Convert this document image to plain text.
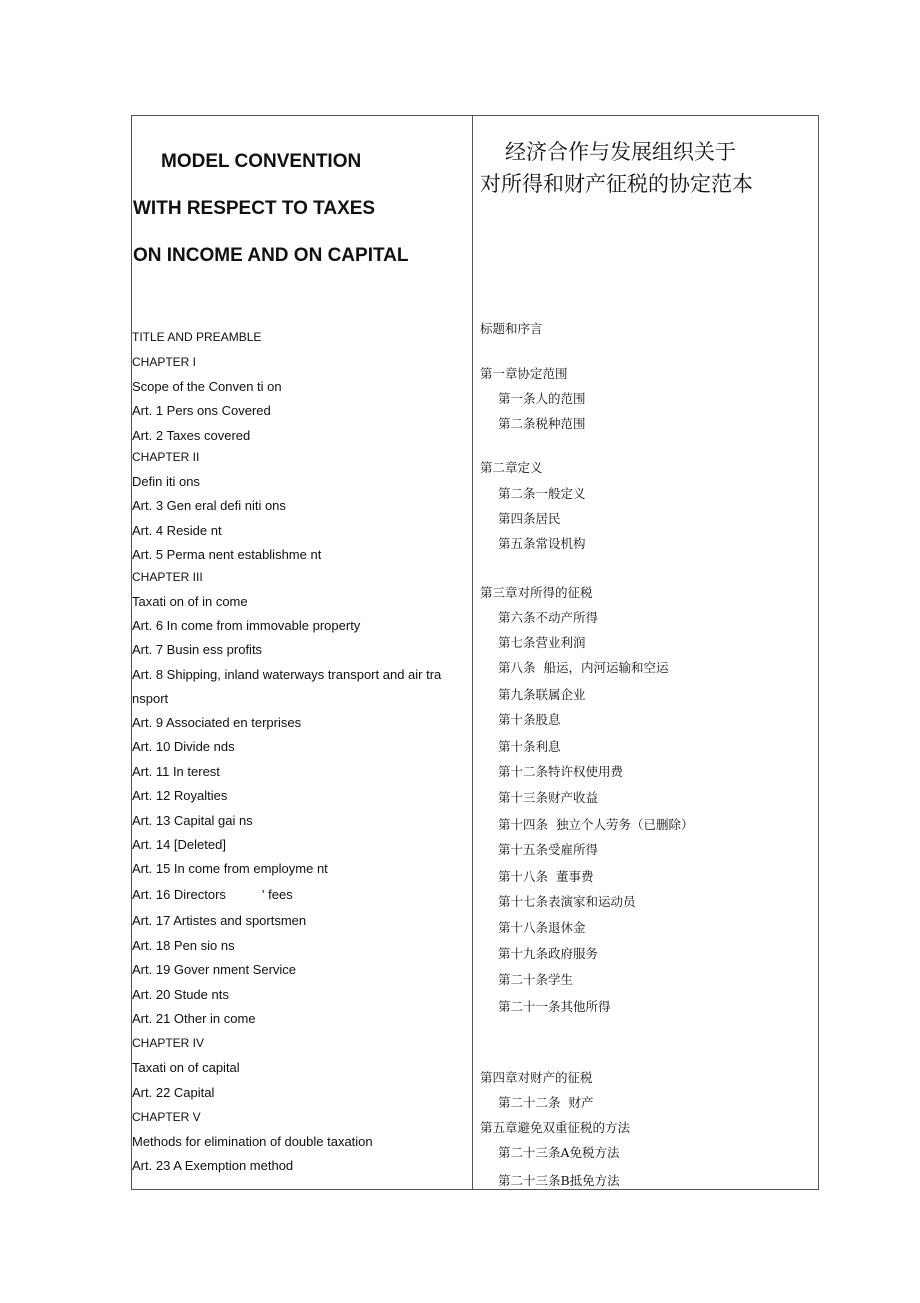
MODEL CONVENTION
WITH RESPECT TO TAXES
ON INCOME AND ON CAPITAL
TITLE AND PREAMBLE
CHAPTER I
Scope of the Conven ti on
Art. 1 Pers ons Covered
Art. 2 Taxes covered
CHAPTER II
Defin iti ons
Art. 3 Gen eral defi niti ons
Art. 4 Reside nt
Art. 5 Perma nent establishme nt
CHAPTER III
Taxati on of in come
Art. 6 In come from immovable property
Art. 7 Busin ess profits
Art. 8 Shipping, inland waterways transport and air tra
nsport
Art. 9 Associated en terprises
Art. 10 Divide nds
Art. 11 In terest
Art. 12 Royalties
Art. 13 Capital gai ns
Art. 14 [Deleted]
Art. 15 In come from employme nt
Art. 16 Directors          ' fees
Art. 17 Artistes and sportsmen
Art. 18 Pen sio ns
Art. 19 Gover nment Service
Art. 20 Stude nts
Art. 21 Other in come
CHAPTER IV
Taxati on of capital
Art. 22 Capital
CHAPTER V
Methods for elimination of double taxation
Art. 23 A Exemption method
经济合作与发展组织关于
对所得和财产征税的协定范本
标题和序言
第一章协定范围
第一条人的范围
第二条税种范围
第二章定义
第二条一般定义
第四条居民
第五条常设机构
第三章对所得的征税
第六条不动产所得
第七条营业利润
第八条  船运，内河运输和空运
第九条联属企业
第十条股息
第十条利息
第十二条特许权使用费
第十三条财产收益
第十四条  独立个人劳务（已删除）
第十五条受雇所得
第十八条  董事费
第十七条表演家和运动员
第十八条退休金
第十九条政府服务
第二十条学生
第二十一条其他所得
第四章对财产的征税
第二十二条  财产
第五章避免双重征税的方法
第二十三条A免税方法
第二十三条B抵免方法
